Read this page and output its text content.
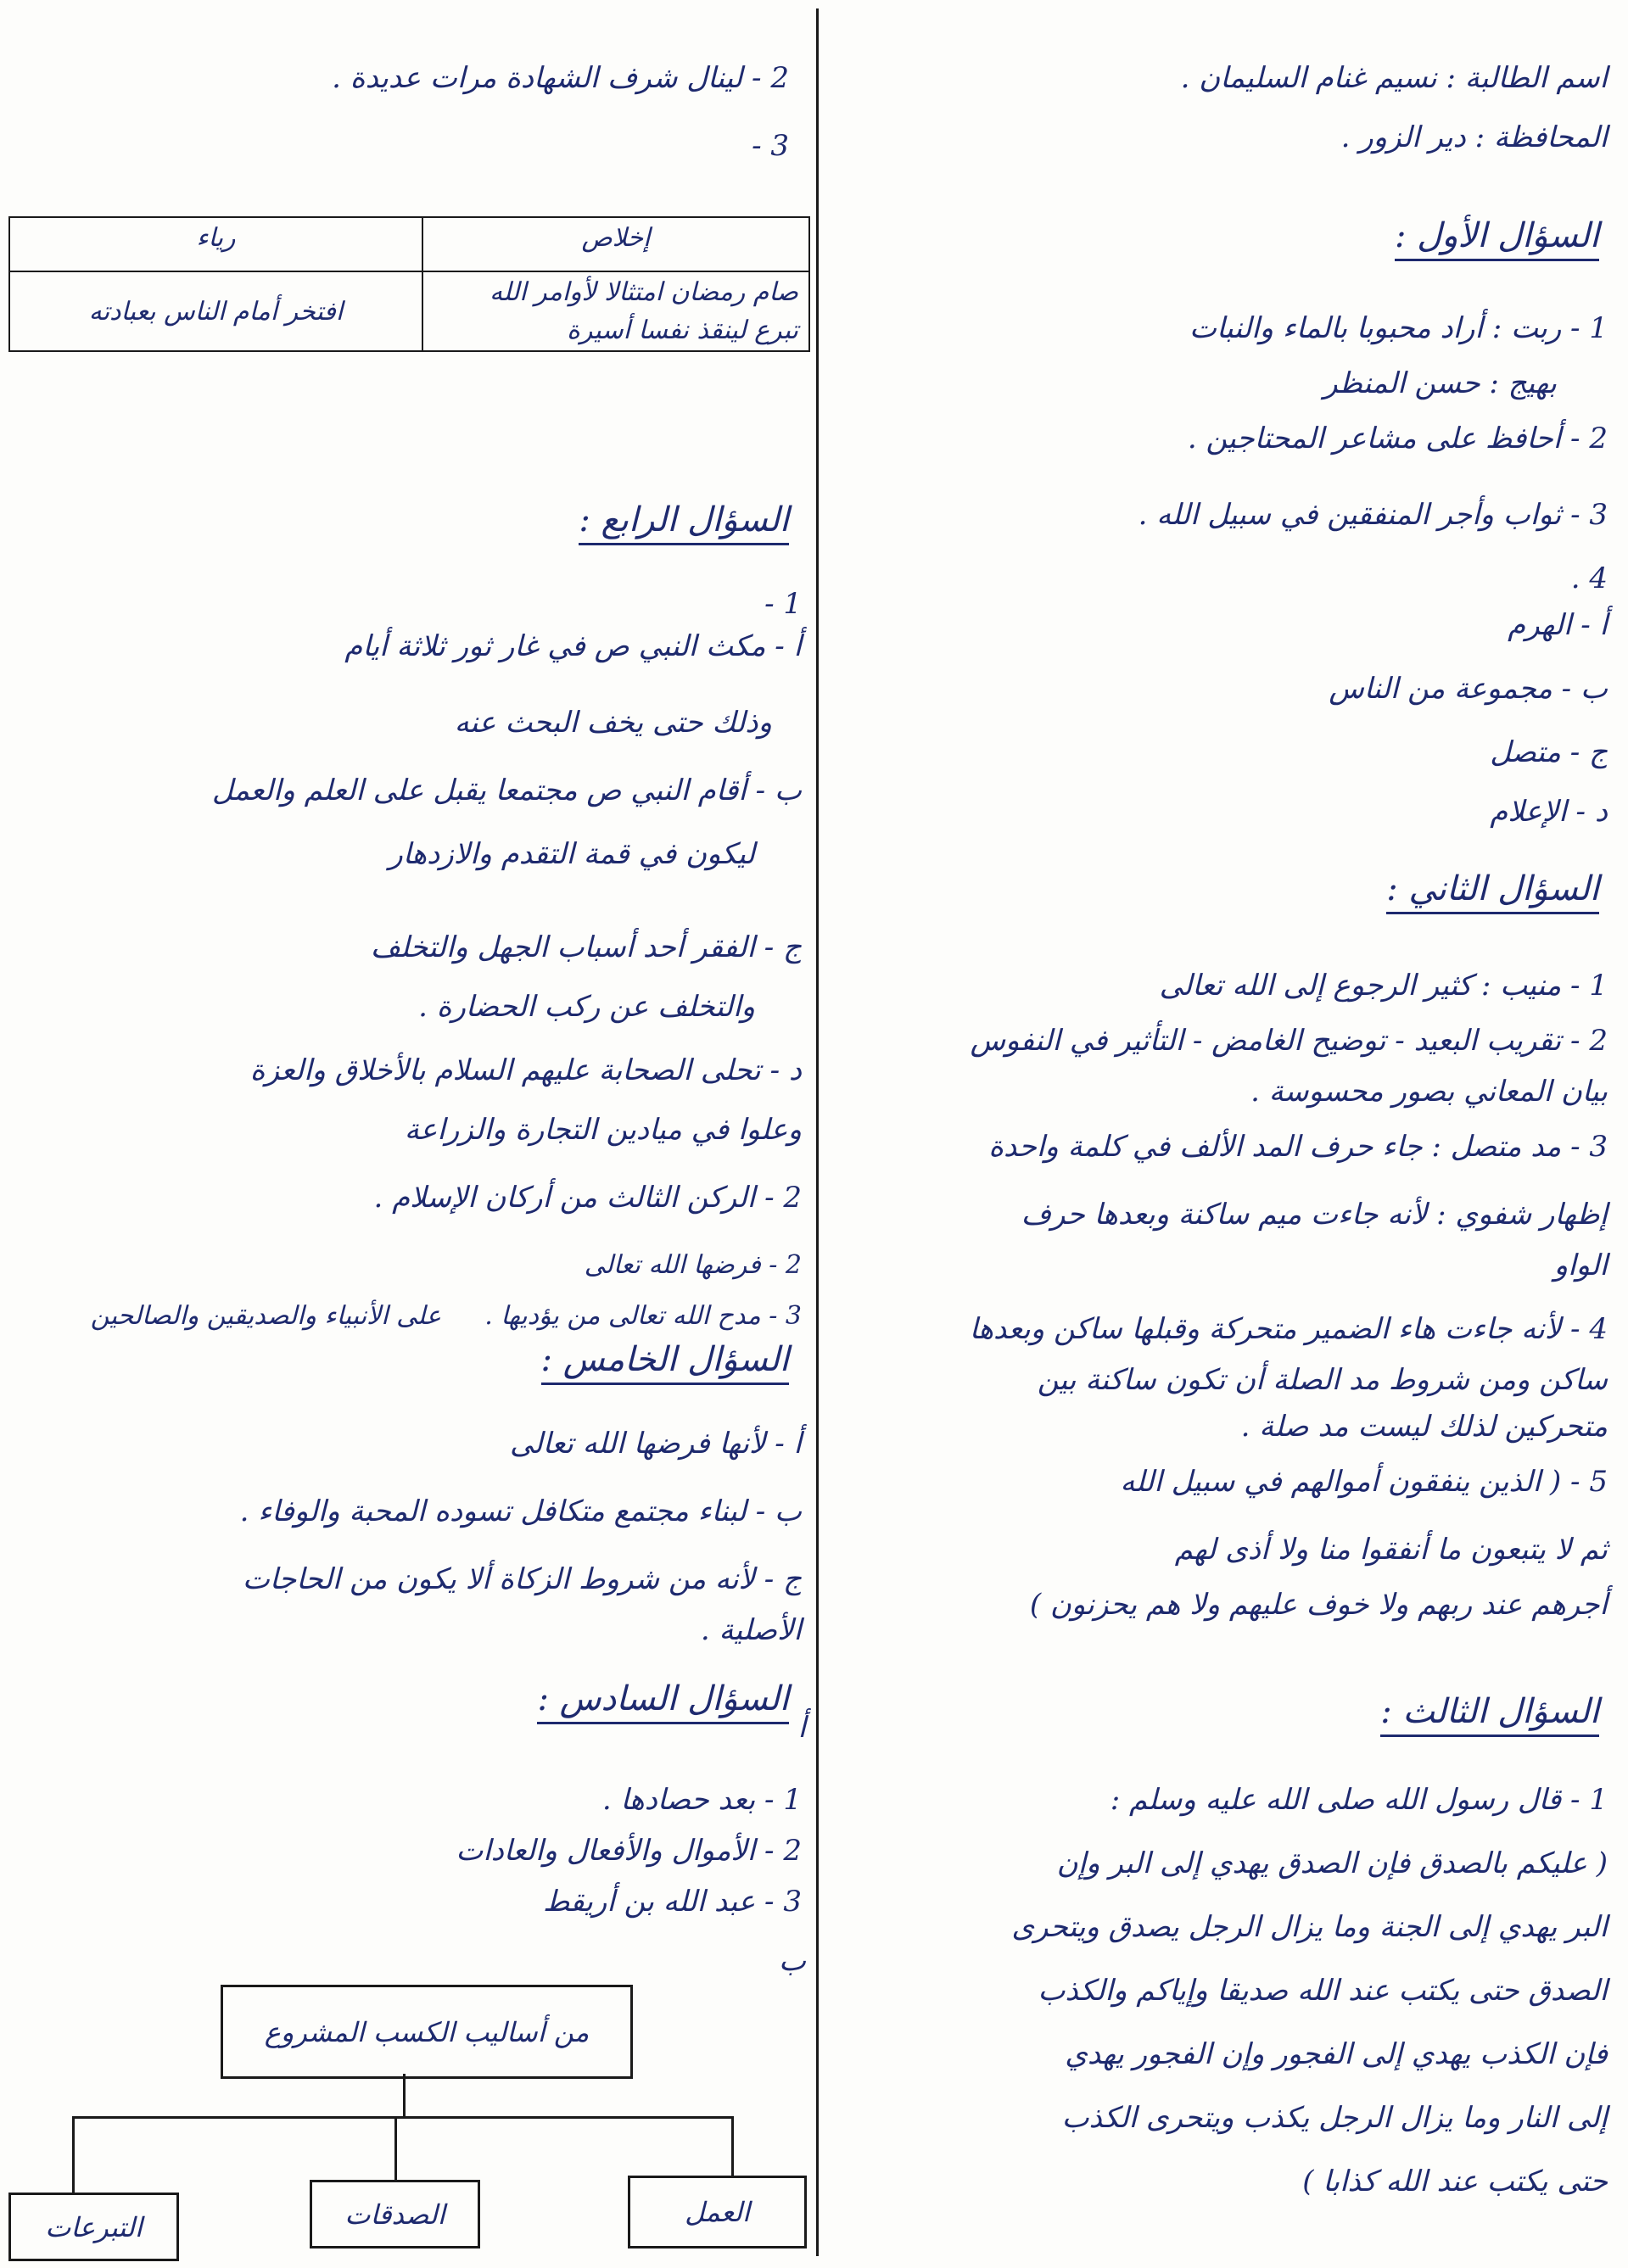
اسم الطالبة : نسيم غنام السليمان .
المحافظة : دير الزور .
السؤال الأول :
1 - ربت : أراد محبوبا بالماء والنبات
بهيج : حسن المنظر
2 - أحافظ على مشاعر المحتاجين .
3 - ثواب وأجر المنفقين في سبيل الله .
4 .
أ - الهرم
ب - مجموعة من الناس
ج - متصل
د - الإعلام
السؤال الثاني :
1 - منيب : كثير الرجوع إلى الله تعالى
2 - تقريب البعيد - توضيح الغامض - التأثير في النفوس
بيان المعاني بصور محسوسة .
3 - مد متصل : جاء حرف المد الألف في كلمة واحدة
إظهار شفوي : لأنه جاءت ميم ساكنة وبعدها حرف
الواو
4 - لأنه جاءت هاء الضمير متحركة وقبلها ساكن وبعدها
ساكن ومن شروط مد الصلة أن تكون ساكنة بين
متحركين لذلك ليست مد صلة .
5 - ( الذين ينفقون أموالهم في سبيل الله
ثم لا يتبعون ما أنفقوا منا ولا أذى لهم
أجرهم عند ربهم ولا خوف عليهم ولا هم يحزنون )
السؤال الثالث :
1 - قال رسول الله صلى الله عليه وسلم :
( عليكم بالصدق فإن الصدق يهدي إلى البر وإن
البر يهدي إلى الجنة وما يزال الرجل يصدق ويتحرى
الصدق حتى يكتب عند الله صديقا وإياكم والكذب
فإن الكذب يهدي إلى الفجور وإن الفجور يهدي
إلى النار وما يزال الرجل يكذب ويتحرى الكذب
حتى يكتب عند الله كذابا )
2 - لينال شرف الشهادة مرات عديدة .
3 -
إخلاص	رياء

صام رمضان امتثالا لأوامر الله
تبرع لينقذ نفسا أسيرة	افتخر أمام الناس بعبادته
السؤال الرابع :
1 -
أ - مكث النبي ص في غار ثور ثلاثة أيام
وذلك حتى يخف البحث عنه
ب - أقام النبي ص مجتمعا يقبل على العلم والعمل
ليكون في قمة التقدم والازدهار
ج - الفقر أحد أسباب الجهل والتخلف
والتخلف عن ركب الحضارة .
د - تحلى الصحابة عليهم السلام بالأخلاق والعزة
وعلوا في ميادين التجارة والزراعة
2 - الركن الثالث من أركان الإسلام .
2 - فرضها الله تعالى
3 - مدح الله تعالى من يؤديها .
على الأنبياء والصديقين والصالحين
السؤال الخامس :
أ - لأنها فرضها الله تعالى
ب - لبناء مجتمع متكافل تسوده المحبة والوفاء .
ج - لأنه من شروط الزكاة ألا يكون من الحاجات
الأصلية .
السؤال السادس :
أ
1 - بعد حصادها .
2 - الأموال والأفعال والعادات
3 - عبد الله بن أريقط
ب
من أساليب الكسب المشروع
العمل
الصدقات
التبرعات
